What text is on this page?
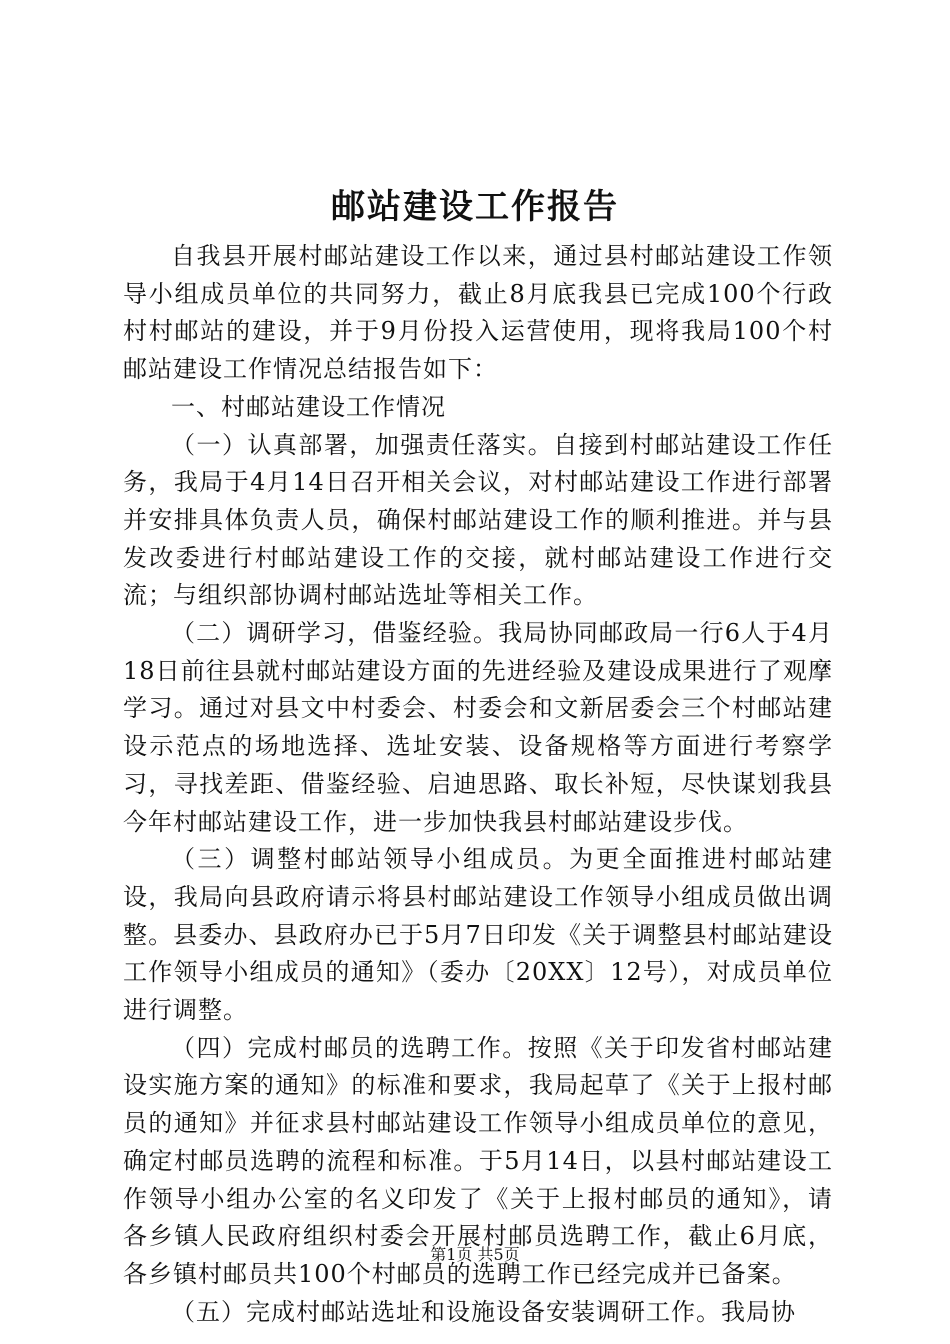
邮站建设工作报告

自我县开展村邮站建设工作以来，通过县村邮站建设工作领导小组成员单位的共同努力，截止8月底我县已完成100个行政村村邮站的建设，并于9月份投入运营使用，现将我局100个村邮站建设工作情况总结报告如下：

一、村邮站建设工作情况

（一）认真部署，加强责任落实。自接到村邮站建设工作任务，我局于4月14日召开相关会议，对村邮站建设工作进行部署并安排具体负责人员，确保村邮站建设工作的顺利推进。并与县发改委进行村邮站建设工作的交接，就村邮站建设工作进行交流；与组织部协调村邮站选址等相关工作。

（二）调研学习，借鉴经验。我局协同邮政局一行6人于4月18日前往县就村邮站建设方面的先进经验及建设成果进行了观摩学习。通过对县文中村委会、村委会和文新居委会三个村邮站建设示范点的场地选择、选址安装、设备规格等方面进行考察学习，寻找差距、借鉴经验、启迪思路、取长补短，尽快谋划我县今年村邮站建设工作，进一步加快我县村邮站建设步伐。

（三）调整村邮站领导小组成员。为更全面推进村邮站建设，我局向县政府请示将县村邮站建设工作领导小组成员做出调整。县委办、县政府办已于5月7日印发《关于调整县村邮站建设工作领导小组成员的通知》（委办〔20XX〕12号），对成员单位进行调整。

（四）完成村邮员的选聘工作。按照《关于印发省村邮站建设实施方案的通知》的标准和要求，我局起草了《关于上报村邮员的通知》并征求县村邮站建设工作领导小组成员单位的意见，确定村邮员选聘的流程和标准。于5月14日，以县村邮站建设工作领导小组办公室的名义印发了《关于上报村邮员的通知》，请各乡镇人民政府组织村委会开展村邮员选聘工作，截止6月底，各乡镇村邮员共100个村邮员的选聘工作已经完成并已备案。

（五）完成村邮站选址和设施设备安装调研工作。我局协

第1页 共5页
